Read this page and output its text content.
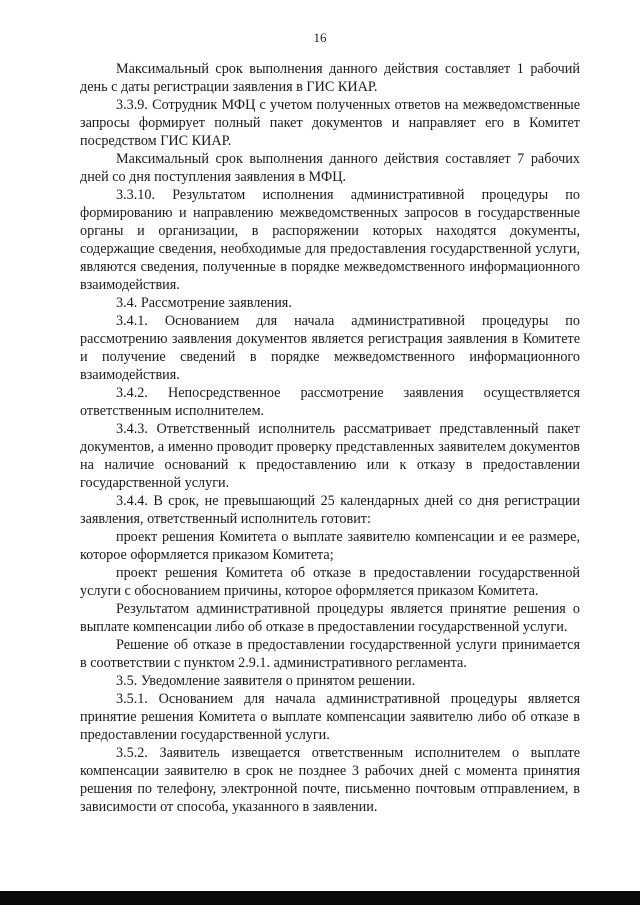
16

Максимальный срок выполнения данного действия составляет 1 рабочий день с даты регистрации заявления в ГИС КИАР.

3.3.9. Сотрудник МФЦ с учетом полученных ответов на межведомственные запросы формирует полный пакет документов и направляет его в Комитет посредством ГИС КИАР.

Максимальный срок выполнения данного действия составляет 7 рабочих дней со дня поступления заявления в МФЦ.

3.3.10. Результатом исполнения административной процедуры по формированию и направлению межведомственных запросов в государственные органы и организации, в распоряжении которых находятся документы, содержащие сведения, необходимые для предоставления государственной услуги, являются сведения, полученные в порядке межведомственного информационного взаимодействия.

3.4. Рассмотрение заявления.

3.4.1. Основанием для начала административной процедуры по рассмотрению заявления документов является регистрация заявления в Комитете и получение сведений в порядке межведомственного информационного взаимодействия.

3.4.2. Непосредственное рассмотрение заявления осуществляется ответственным исполнителем.

3.4.3. Ответственный исполнитель рассматривает представленный пакет документов, а именно проводит проверку представленных заявителем документов на наличие оснований к предоставлению или к отказу в предоставлении государственной услуги.

3.4.4. В срок, не превышающий 25 календарных дней со дня регистрации заявления, ответственный исполнитель готовит:

проект решения Комитета о выплате заявителю компенсации и ее размере, которое оформляется приказом Комитета;

проект решения Комитета об отказе в предоставлении государственной услуги с обоснованием причины, которое оформляется приказом Комитета.

Результатом административной процедуры является принятие решения о выплате компенсации либо об отказе в предоставлении государственной услуги.

Решение об отказе в предоставлении государственной услуги принимается в соответствии с пунктом 2.9.1. административного регламента.

3.5. Уведомление заявителя о принятом решении.

3.5.1. Основанием для начала административной процедуры является принятие решения Комитета о выплате компенсации заявителю либо об отказе в предоставлении государственной услуги.

3.5.2. Заявитель извещается ответственным исполнителем о выплате компенсации заявителю в срок не позднее 3 рабочих дней с момента принятия решения по телефону, электронной почте, письменно почтовым отправлением, в зависимости от способа, указанного в заявлении.
